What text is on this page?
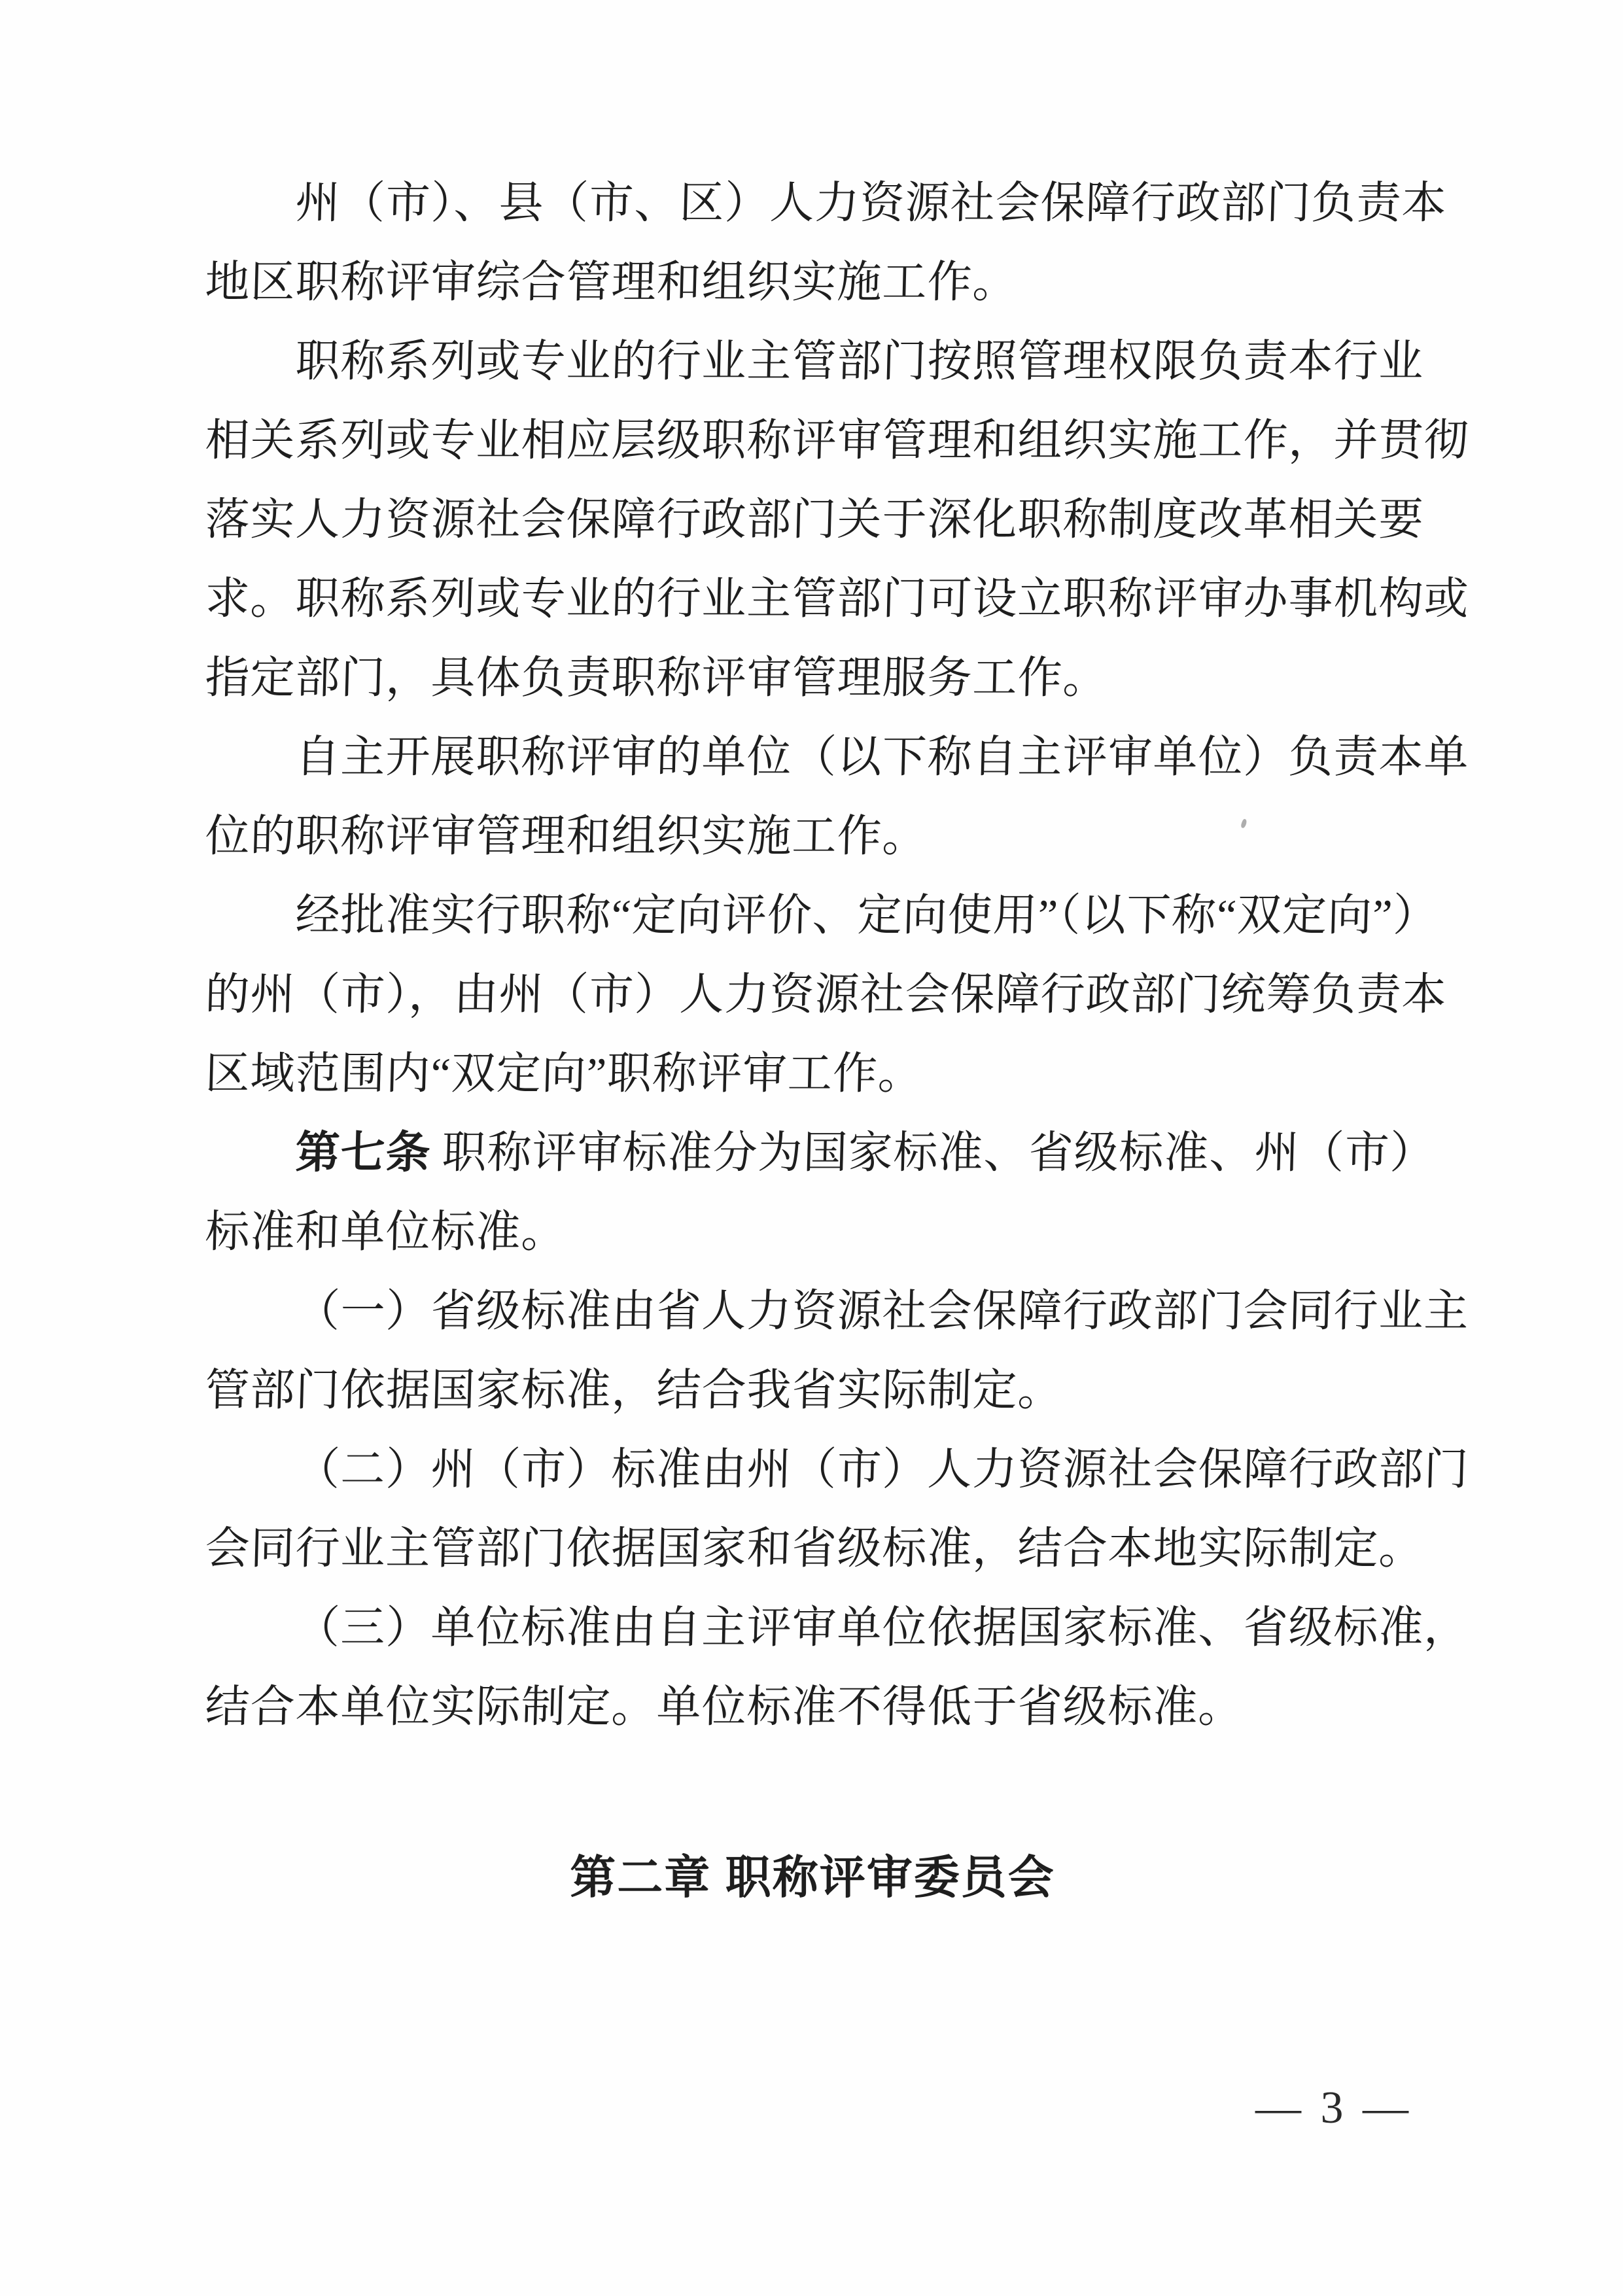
州（市）、县（市、区）人力资源社会保障行政部门负责本
地区职称评审综合管理和组织实施工作。
职称系列或专业的行业主管部门按照管理权限负责本行业
相关系列或专业相应层级职称评审管理和组织实施工作，并贯彻
落实人力资源社会保障行政部门关于深化职称制度改革相关要
求。职称系列或专业的行业主管部门可设立职称评审办事机构或
指定部门，具体负责职称评审管理服务工作。
自主开展职称评审的单位（以下称自主评审单位）负责本单
位的职称评审管理和组织实施工作。
经批准实行职称“定向评价、定向使用”（以下称“双定向”）
的州（市），由州（市）人力资源社会保障行政部门统筹负责本
区域范围内“双定向”职称评审工作。
第七条 职称评审标准分为国家标准、省级标准、州（市）
标准和单位标准。
（一）省级标准由省人力资源社会保障行政部门会同行业主
管部门依据国家标准，结合我省实际制定。
（二）州（市）标准由州（市）人力资源社会保障行政部门
会同行业主管部门依据国家和省级标准，结合本地实际制定。
（三）单位标准由自主评审单位依据国家标准、省级标准，
结合本单位实际制定。单位标准不得低于省级标准。
第二章 职称评审委员会
— 3 —
